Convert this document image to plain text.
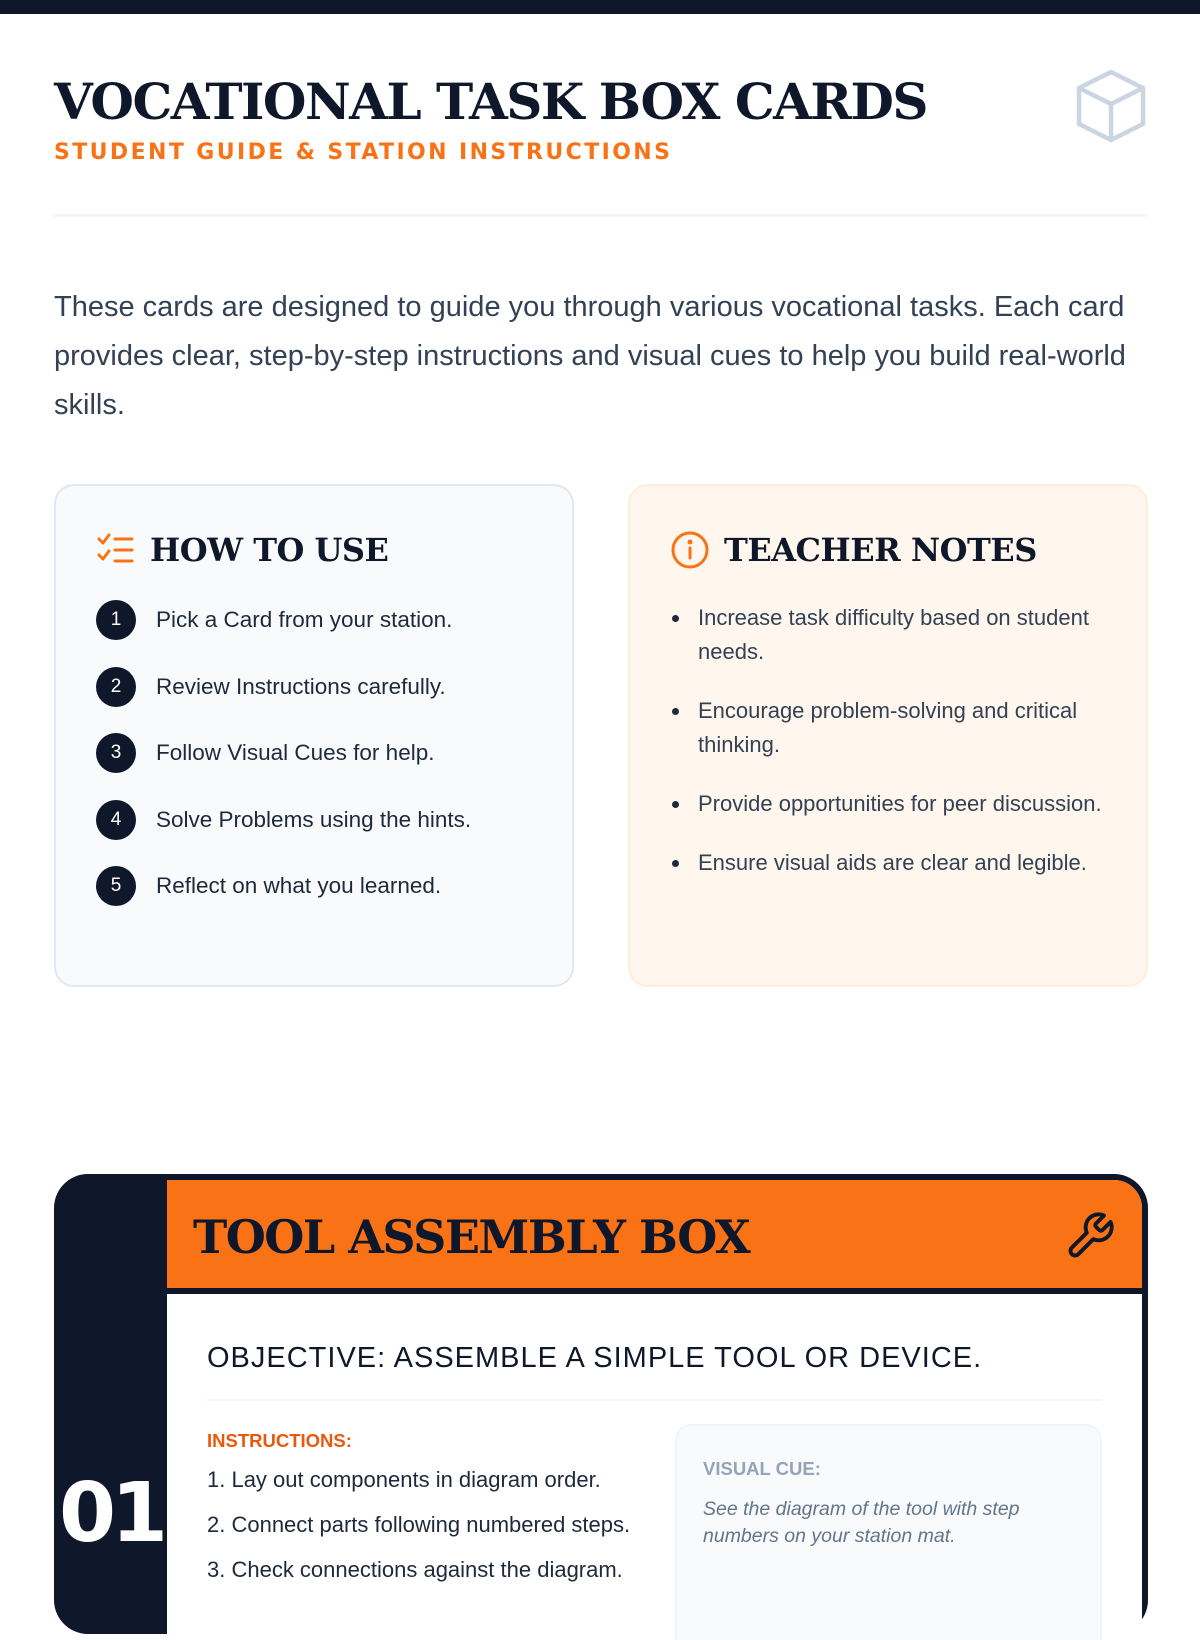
VOCATIONAL TASK BOX CARDS
STUDENT GUIDE & STATION INSTRUCTIONS
These cards are designed to guide you through various vocational tasks. Each card provides clear, step-by-step instructions and visual cues to help you build real-world skills.
HOW TO USE
1	Pick a Card from your station.
2	Review Instructions carefully.
3	Follow Visual Cues for help.
4	Solve Problems using the hints.
5	Reflect on what you learned.
TEACHER NOTES
Increase task difficulty based on student needs.
Encourage problem-solving and critical thinking.
Provide opportunities for peer discussion.
Ensure visual aids are clear and legible.
01
TOOL ASSEMBLY BOX
OBJECTIVE: ASSEMBLE A SIMPLE TOOL OR DEVICE.
INSTRUCTIONS:
1. Lay out components in diagram order.
2. Connect parts following numbered steps.
3. Check connections against the diagram.
VISUAL CUE:
See the diagram of the tool with step numbers on your station mat.
